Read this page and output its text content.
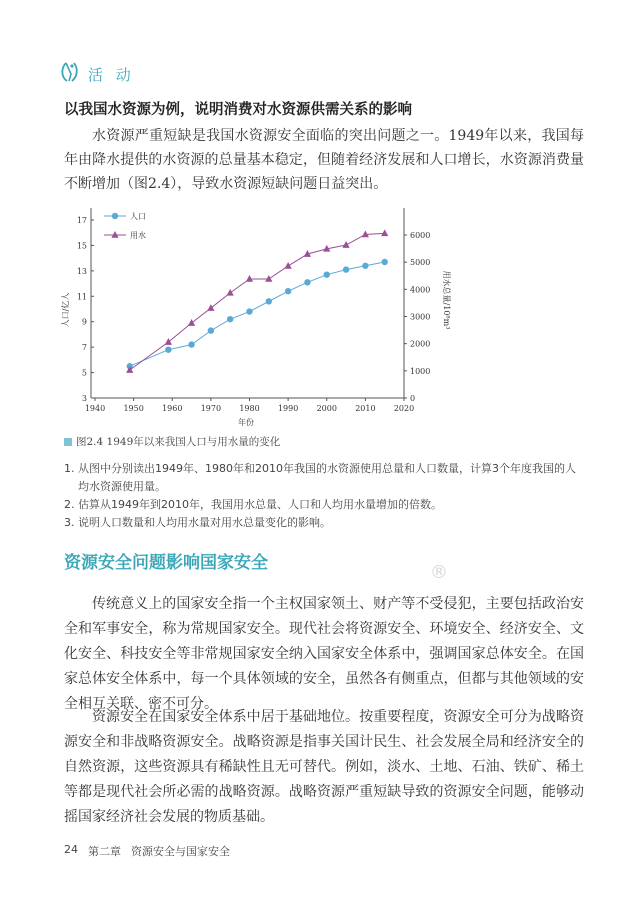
活 动
以我国水资源为例，说明消费对水资源供需关系的影响
水资源严重短缺是我国水资源安全面临的突出问题之一。1949年以来，我国每年由降水提供的水资源的总量基本稳定，但随着经济发展和人口增长，水资源消费量不断增加（图2.4），导致水资源短缺问题日益突出。
1940 1950 1960 1970 1980 1990 2000 2010 2020
3
5
7
9
11
13
15
17
0
1000
2000
3000
4000
5000
6000
年份
人口/亿人	用水总量/10⁸m³
人口
用水
图2.4 1949年以来我国人口与用水量的变化
1. 从图中分别读出1949年、1980年和2010年我国的水资源使用总量和人口数量，计算3个年度我国的人均水资源使用量。
2. 估算从1949年到2010年，我国用水总量、人口和人均用水量增加的倍数。
3. 说明人口数量和人均用水量对用水总量变化的影响。
资源安全问题影响国家安全	®
传统意义上的国家安全指一个主权国家领土、财产等不受侵犯，主要包括政治安全和军事安全，称为常规国家安全。现代社会将资源安全、环境安全、经济安全、文化安全、科技安全等非常规国家安全纳入国家安全体系中，强调国家总体安全。在国家总体安全体系中，每一个具体领域的安全，虽然各有侧重点，但都与其他领域的安全相互关联、密不可分。
资源安全在国家安全体系中居于基础地位。按重要程度，资源安全可分为战略资源安全和非战略资源安全。战略资源是指事关国计民生、社会发展全局和经济安全的自然资源，这些资源具有稀缺性且无可替代。例如，淡水、土地、石油、铁矿、稀土等都是现代社会所必需的战略资源。战略资源严重短缺导致的资源安全问题，能够动摇国家经济社会发展的物质基础。
24 第二章 资源安全与国家安全
